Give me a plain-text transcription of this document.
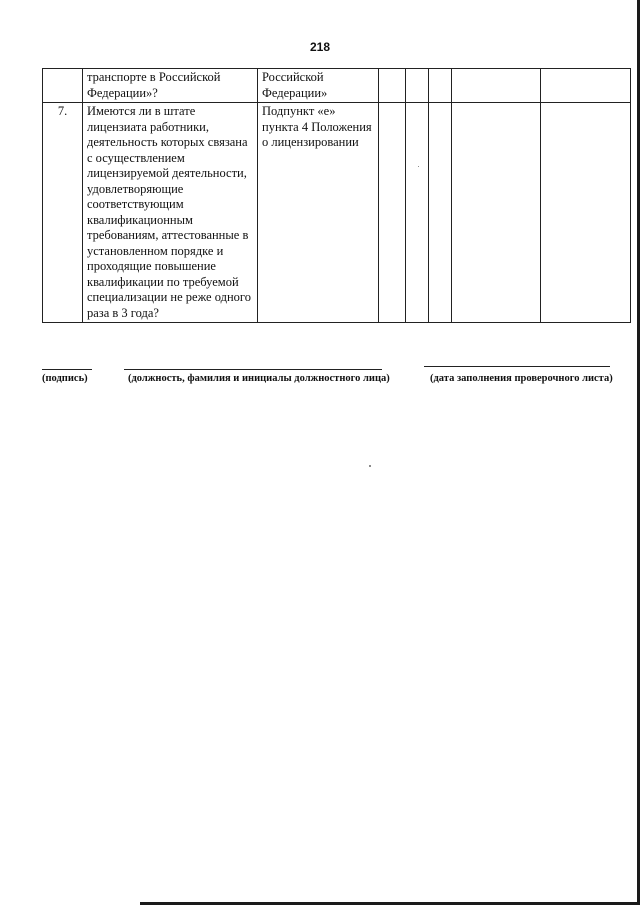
218
	транспорте в Российской Федерации»?	Российской Федерации»					
7.	Имеются ли в штате лицензиата работники, деятельность которых связана с осуществлением лицензируемой деятельности, удовлетворяющие соответствующим квалификационным требованиям, аттестованные в установленном порядке и проходящие повышение квалификации по требуемой специализации не реже одного раза в 3 года?	Подпункт «е» пункта 4 Положения о лицензировании					
(подпись)	(должность, фамилия и инициалы должностного лица)	(дата заполнения проверочного листа)
